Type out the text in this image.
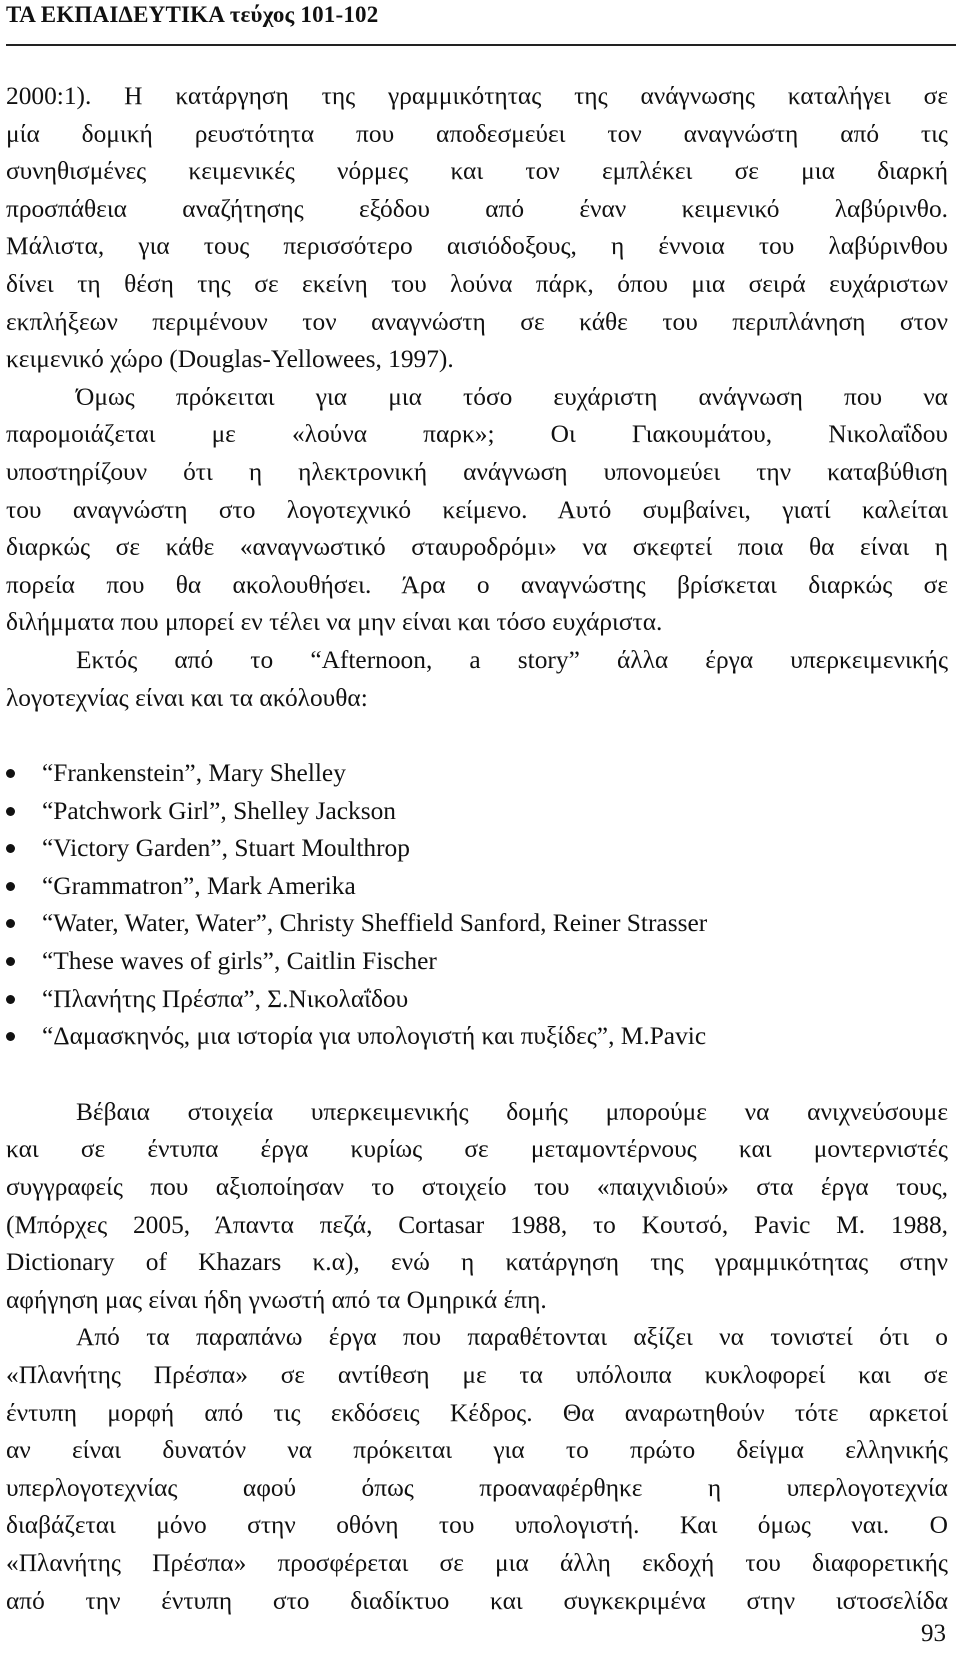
ΤΑ ΕΚΠΑΙΔΕΥΤΙΚΑ τεύχος 101-102
2000:1). Η κατάργηση της γραμμικότητας της ανάγνωσης καταλήγει σε
μία δομική ρευστότητα που αποδεσμεύει τον αναγνώστη από τις
συνηθισμένες κειμενικές νόρμες και τον εμπλέκει σε μια διαρκή
προσπάθεια αναζήτησης εξόδου από έναν κειμενικό λαβύρινθο.
Μάλιστα, για τους περισσότερο αισιόδοξους, η έννοια του λαβύρινθου
δίνει τη θέση της σε εκείνη του λούνα πάρκ, όπου μια σειρά ευχάριστων
εκπλήξεων περιμένουν τον αναγνώστη σε κάθε του περιπλάνηση στον
κειμενικό χώρο (Douglas-Yellowees, 1997).
Όμως πρόκειται για μια τόσο ευχάριστη ανάγνωση που να
παρομοιάζεται με «λούνα παρκ»; Οι Γιακουμάτου, Νικολαΐδου
υποστηρίζουν ότι η ηλεκτρονική ανάγνωση υπονομεύει την καταβύθιση
του αναγνώστη στο λογοτεχνικό κείμενο. Αυτό συμβαίνει, γιατί καλείται
διαρκώς σε κάθε «αναγνωστικό σταυροδρόμι» να σκεφτεί ποια θα είναι η
πορεία που θα ακολουθήσει. Άρα ο αναγνώστης βρίσκεται διαρκώς σε
διλήμματα που μπορεί εν τέλει να μην είναι και τόσο ευχάριστα.
Εκτός από το “Afternoon, a story” άλλα έργα υπερκειμενικής
λογοτεχνίας είναι και τα ακόλουθα:
“Frankenstein”, Mary Shelley
“Patchwork Girl”, Shelley Jackson
“Victory Garden”, Stuart Moulthrop
“Grammatron”, Mark Amerika
“Water, Water, Water”, Christy Sheffield Sanford, Reiner Strasser
“These waves of girls”, Caitlin Fischer
“Πλανήτης Πρέσπα”, Σ.Νικολαΐδου
“Δαμασκηνός, μια ιστορία για υπολογιστή και πυξίδες”, M.Pavic
Βέβαια στοιχεία υπερκειμενικής δομής μπορούμε να ανιχνεύσουμε
και σε έντυπα έργα κυρίως σε μεταμοντέρνους και μοντερνιστές
συγγραφείς που αξιοποίησαν το στοιχείο του «παιχνιδιού» στα έργα τους,
(Μπόρχες 2005, Άπαντα πεζά, Cortasar 1988, το Κουτσό, Pavic M. 1988,
Dictionary of Khazars κ.α), ενώ η κατάργηση της γραμμικότητας στην
αφήγηση μας είναι ήδη γνωστή από τα Ομηρικά έπη.
Από τα παραπάνω έργα που παραθέτονται αξίζει να τονιστεί ότι ο
«Πλανήτης Πρέσπα» σε αντίθεση με τα υπόλοιπα κυκλοφορεί και σε
έντυπη μορφή από τις εκδόσεις Κέδρος. Θα αναρωτηθούν τότε αρκετοί
αν είναι δυνατόν να πρόκειται για το πρώτο δείγμα ελληνικής
υπερλογοτεχνίας αφού όπως προαναφέρθηκε η υπερλογοτεχνία
διαβάζεται μόνο στην οθόνη του υπολογιστή. Και όμως ναι. Ο
«Πλανήτης Πρέσπα» προσφέρεται σε μια άλλη εκδοχή του διαφορετικής
από την έντυπη στο διαδίκτυο και συγκεκριμένα στην ιστοσελίδα
93
